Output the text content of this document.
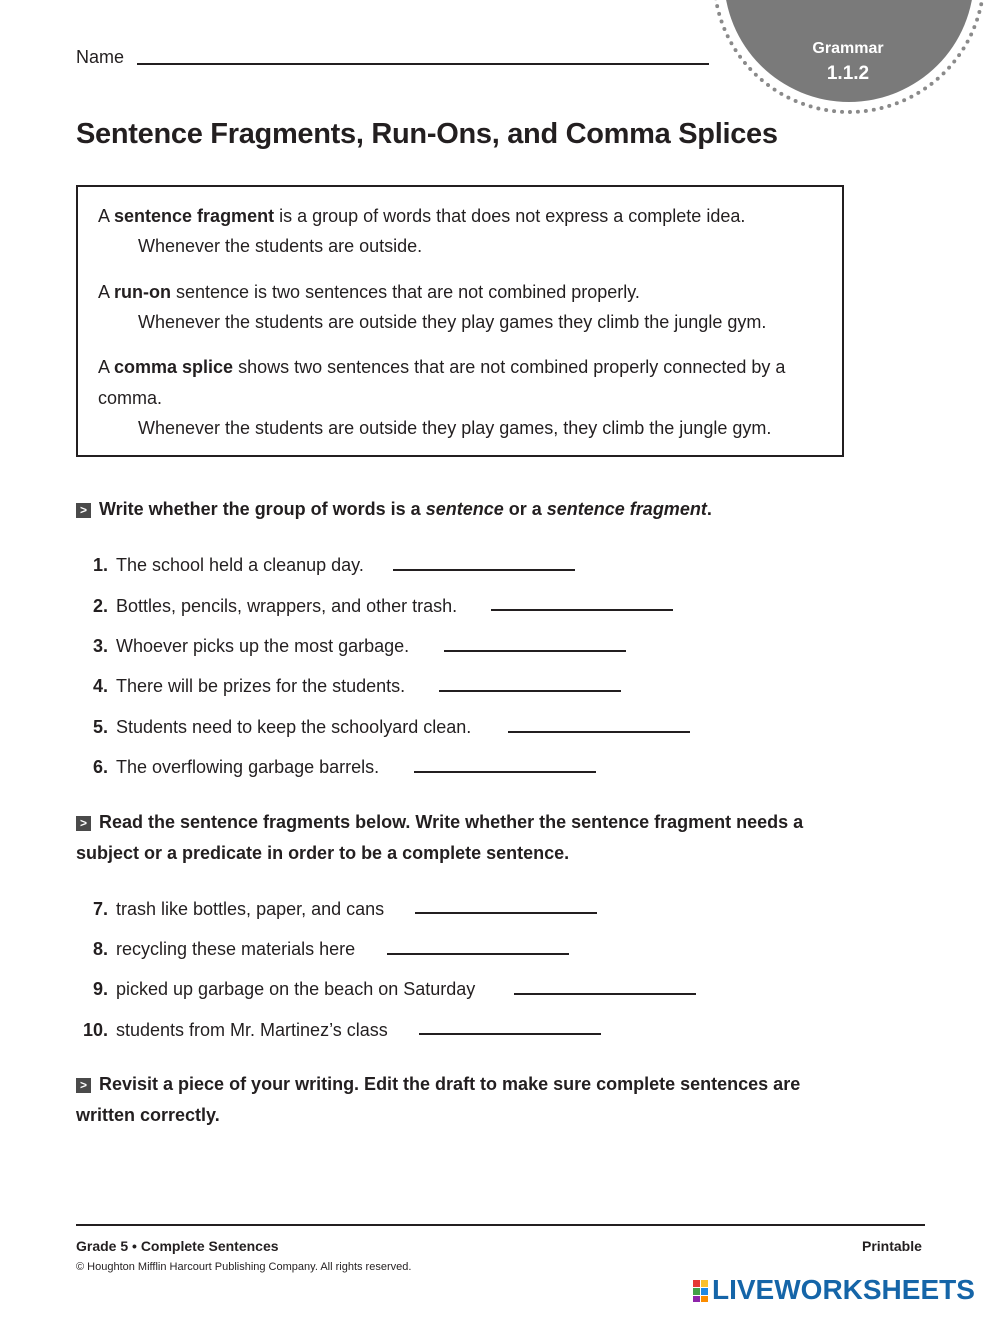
Grammar
1.1.2
Name
Sentence Fragments, Run-Ons, and Comma Splices
A sentence fragment is a group of words that does not express a complete idea.
Whenever the students are outside.
A run-on sentence is two sentences that are not combined properly.
Whenever the students are outside they play games they climb the jungle gym.
A comma splice shows two sentences that are not combined properly connected by a
comma.
Whenever the students are outside they play games, they climb the jungle gym.
> Write whether the group of words is a sentence or a sentence fragment.
1. The school held a cleanup day.
2. Bottles, pencils, wrappers, and other trash.
3. Whoever picks up the most garbage.
4. There will be prizes for the students.
5. Students need to keep the schoolyard clean.
6. The overflowing garbage barrels.
> Read the sentence fragments below. Write whether the sentence fragment needs a
subject or a predicate in order to be a complete sentence.
7. trash like bottles, paper, and cans
8. recycling these materials here
9. picked up garbage on the beach on Saturday
10. students from Mr. Martinez’s class
> Revisit a piece of your writing. Edit the draft to make sure complete sentences are
written correctly.
Grade 5 • Complete Sentences	Printable
© Houghton Mifflin Harcourt Publishing Company. All rights reserved.
LIVEWORKSHEETS
